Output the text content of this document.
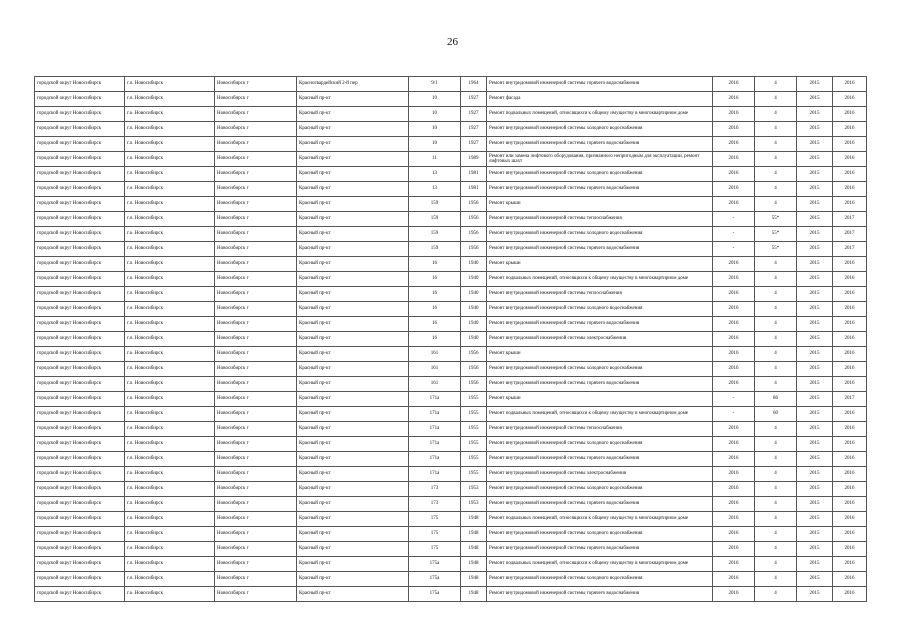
26
городской округ Новосибирск	г.о. Новосибирск	Новосибирск г	Красногвардейский 2-й пер	9/1	1964	Ремонт внутридомовой инженерной системы горячего водоснабжения	2016	4	2015	2016
городской округ Новосибирск	г.о. Новосибирск	Новосибирск г	Красный пр-кт	10	1927	Ремонт фасада	2016	4	2015	2016
городской округ Новосибирск	г.о. Новосибирск	Новосибирск г	Красный пр-кт	10	1927	Ремонт подвальных помещений, относящихся к общему имуществу в многоквартирном доме	2016	4	2015	2016
городской округ Новосибирск	г.о. Новосибирск	Новосибирск г	Красный пр-кт	10	1927	Ремонт внутридомовой инженерной системы холодного водоснабжения	2016	4	2015	2016
городской округ Новосибирск	г.о. Новосибирск	Новосибирск г	Красный пр-кт	10	1927	Ремонт внутридомовой инженерной системы горячего водоснабжения	2016	4	2015	2016
городской округ Новосибирск	г.о. Новосибирск	Новосибирск г	Красный пр-кт	11	1989	Ремонт или замена лифтового оборудования, признанного непригодным для эксплуатации, ремонт лифтовых шахт	2016	4	2015	2016
городской округ Новосибирск	г.о. Новосибирск	Новосибирск г	Красный пр-кт	13	1981	Ремонт внутридомовой инженерной системы холодного водоснабжения	2016	4	2015	2016
городской округ Новосибирск	г.о. Новосибирск	Новосибирск г	Красный пр-кт	13	1981	Ремонт внутридомовой инженерной системы горячего водоснабжения	2016	4	2015	2016
городской округ Новосибирск	г.о. Новосибирск	Новосибирск г	Красный пр-кт	159	1956	Ремонт крыши	2016	4	2015	2016
городской округ Новосибирск	г.о. Новосибирск	Новосибирск г	Красный пр-кт	159	1956	Ремонт внутридомовой инженерной системы теплоснабжения	-	55*	2015	2017
городской округ Новосибирск	г.о. Новосибирск	Новосибирск г	Красный пр-кт	159	1956	Ремонт внутридомовой инженерной системы холодного водоснабжения	-	55*	2015	2017
городской округ Новосибирск	г.о. Новосибирск	Новосибирск г	Красный пр-кт	159	1956	Ремонт внутридомовой инженерной системы горячего водоснабжения	-	55*	2015	2017
городской округ Новосибирск	г.о. Новосибирск	Новосибирск г	Красный пр-кт	16	1940	Ремонт крыши	2016	4	2015	2016
городской округ Новосибирск	г.о. Новосибирск	Новосибирск г	Красный пр-кт	16	1940	Ремонт подвальных помещений, относящихся к общему имуществу в многоквартирном доме	2016	4	2015	2016
городской округ Новосибирск	г.о. Новосибирск	Новосибирск г	Красный пр-кт	16	1940	Ремонт внутридомовой инженерной системы теплоснабжения	2016	4	2015	2016
городской округ Новосибирск	г.о. Новосибирск	Новосибирск г	Красный пр-кт	16	1940	Ремонт внутридомовой инженерной системы холодного водоснабжения	2016	4	2015	2016
городской округ Новосибирск	г.о. Новосибирск	Новосибирск г	Красный пр-кт	16	1940	Ремонт внутридомовой инженерной системы горячего водоснабжения	2016	4	2015	2016
городской округ Новосибирск	г.о. Новосибирск	Новосибирск г	Красный пр-кт	16	1940	Ремонт внутридомовой инженерной системы электроснабжения	2016	4	2015	2016
городской округ Новосибирск	г.о. Новосибирск	Новосибирск г	Красный пр-кт	161	1956	Ремонт крыши	2016	4	2015	2016
городской округ Новосибирск	г.о. Новосибирск	Новосибирск г	Красный пр-кт	161	1956	Ремонт внутридомовой инженерной системы холодного водоснабжения	2016	4	2015	2016
городской округ Новосибирск	г.о. Новосибирск	Новосибирск г	Красный пр-кт	161	1956	Ремонт внутридомовой инженерной системы горячего водоснабжения	2016	4	2015	2016
городской округ Новосибирск	г.о. Новосибирск	Новосибирск г	Красный пр-кт	171а	1955	Ремонт крыши	-	86	2015	2017
городской округ Новосибирск	г.о. Новосибирск	Новосибирск г	Красный пр-кт	171а	1955	Ремонт подвальных помещений, относящихся к общему имуществу в многоквартирном доме	-	60	2015	2016
городской округ Новосибирск	г.о. Новосибирск	Новосибирск г	Красный пр-кт	171а	1955	Ремонт внутридомовой инженерной системы теплоснабжения	2016	4	2015	2016
городской округ Новосибирск	г.о. Новосибирск	Новосибирск г	Красный пр-кт	171а	1955	Ремонт внутридомовой инженерной системы холодного водоснабжения	2016	4	2015	2016
городской округ Новосибирск	г.о. Новосибирск	Новосибирск г	Красный пр-кт	171а	1955	Ремонт внутридомовой инженерной системы горячего водоснабжения	2016	4	2015	2016
городской округ Новосибирск	г.о. Новосибирск	Новосибирск г	Красный пр-кт	171а	1955	Ремонт внутридомовой инженерной системы электроснабжения	2016	4	2015	2016
городской округ Новосибирск	г.о. Новосибирск	Новосибирск г	Красный пр-кт	173	1953	Ремонт внутридомовой инженерной системы холодного водоснабжения	2016	4	2015	2016
городской округ Новосибирск	г.о. Новосибирск	Новосибирск г	Красный пр-кт	173	1953	Ремонт внутридомовой инженерной системы горячего водоснабжения	2016	4	2015	2016
городской округ Новосибирск	г.о. Новосибирск	Новосибирск г	Красный пр-кт	175	1948	Ремонт подвальных помещений, относящихся к общему имуществу в многоквартирном доме	2016	4	2015	2016
городской округ Новосибирск	г.о. Новосибирск	Новосибирск г	Красный пр-кт	175	1948	Ремонт внутридомовой инженерной системы холодного водоснабжения	2016	4	2015	2016
городской округ Новосибирск	г.о. Новосибирск	Новосибирск г	Красный пр-кт	175	1948	Ремонт внутридомовой инженерной системы горячего водоснабжения	2016	4	2015	2016
городской округ Новосибирск	г.о. Новосибирск	Новосибирск г	Красный пр-кт	175а	1948	Ремонт подвальных помещений, относящихся к общему имуществу в многоквартирном доме	2016	4	2015	2016
городской округ Новосибирск	г.о. Новосибирск	Новосибирск г	Красный пр-кт	175а	1948	Ремонт внутридомовой инженерной системы холодного водоснабжения	2016	4	2015	2016
городской округ Новосибирск	г.о. Новосибирск	Новосибирск г	Красный пр-кт	175а	1948	Ремонт внутридомовой инженерной системы горячего водоснабжения	2016	4	2015	2016
